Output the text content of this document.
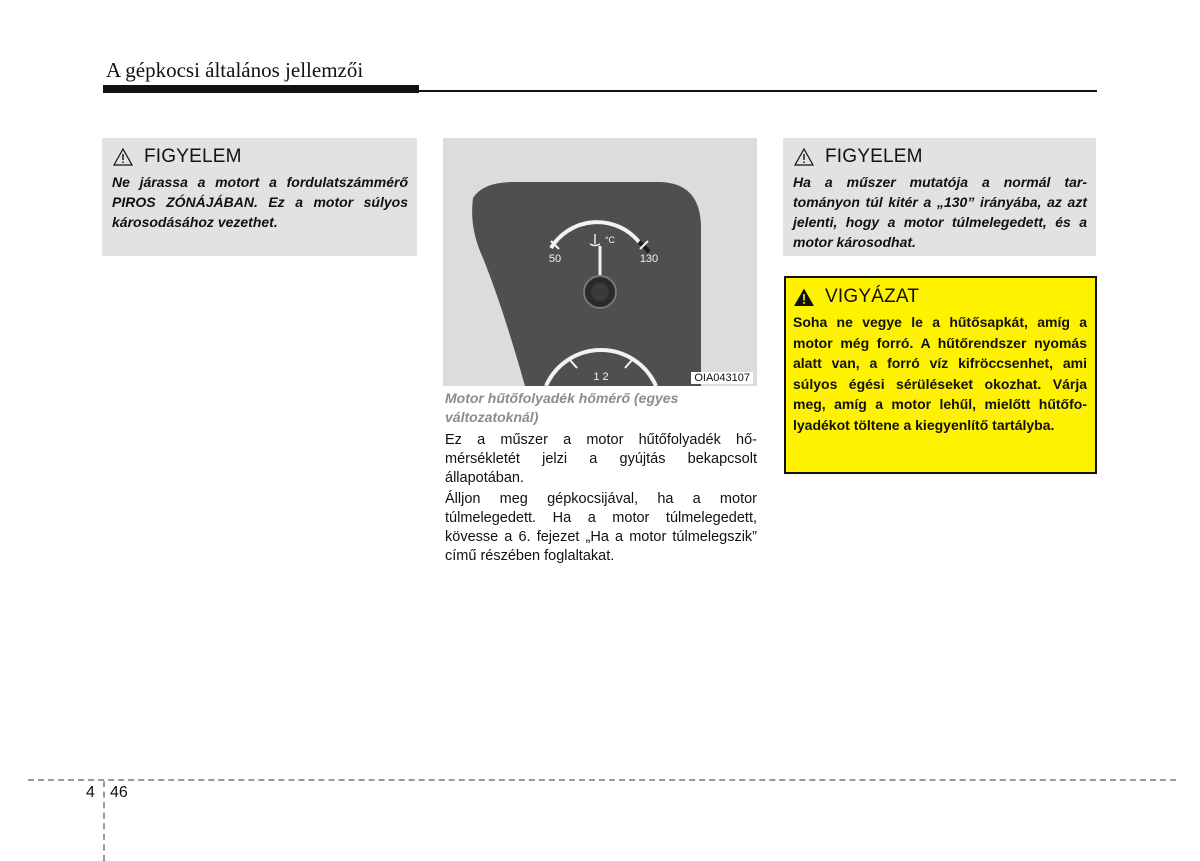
A gépkocsi általános jellemzői
FIGYELEM
Ne járassa a motort a fordulatszámmérő PIROS ZÓNÁJÁBAN. Ez a motor súlyos károsodásához vezethet.
50	130
°C
1 2	OIA043107
Motor hűtőfolyadék hőmérő (egyes változatoknál)

Ez a műszer a motor hűtőfolyadék hőmérsékletét jelzi a gyújtás bekapcsolt állapotában.

Álljon meg gépkocsijával, ha a motor túlmelegedett. Ha a motor túlmelegedett, kövesse a 6. fejezet „Ha a motor túlmelegszik” című részében foglaltakat.

FIGYELEM
Ha a műszer mutatója a normál tartományon túl kitér a „130” irányába, az azt jelenti, hogy a motor túlmelegedett, és a motor károsodhat.
VIGYÁZAT
Soha ne vegye le a hűtősapkát, amíg a motor még forró. A hűtőrendszer nyomás alatt van, a forró víz kifröccsenhet, ami súlyos égési sérüléseket okozhat. Várja meg, amíg a motor lehűl, mielőtt hűtőfolyadékot töltene a kiegyenlítő tartályba.
4 46
